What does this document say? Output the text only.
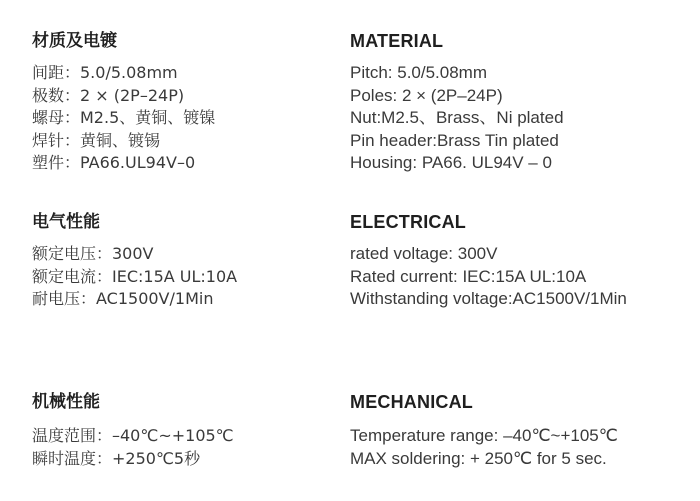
材质及电镀
间距：5.0/5.08mm
极数：2 × (2P–24P)
螺母：M2.5、黄铜、镀镍
焊针：黄铜、镀锡
塑件：PA66.UL94V–0
电气性能
额定电压：300V
额定电流：IEC:15A UL:10A
耐电压：AC1500V/1Min
机械性能
温度范围：–40℃~+105℃
瞬时温度：+250℃5秒
MATERIAL
Pitch: 5.0/5.08mm
Poles: 2 × (2P–24P)
Nut:M2.5、Brass、Ni plated
Pin header:Brass Tin plated
Housing: PA66. UL94V – 0
ELECTRICAL
rated voltage: 300V
Rated current: IEC:15A UL:10A
Withstanding voltage:AC1500V/1Min
MECHANICAL
Temperature range: –40℃~+105℃
MAX soldering: + 250℃ for 5 sec.
